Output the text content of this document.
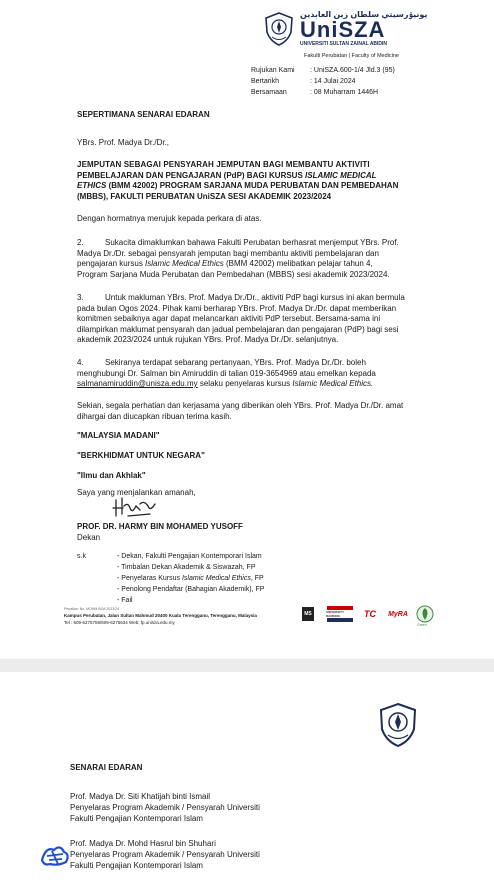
يونيۏرسيتي سلطان زين العابدين
UniSZA
UNIVERSITI SULTAN ZAINAL ABIDIN
Fakulti Perubatan | Faculty of Medicine
Rujukan Kami : UniSZA.600-1/4 Jld.3 (95)
Bertarikh	: 14 Julai 2024
Bersamaan	: 08 Muharram 1446H
SEPERTIMANA SENARAI EDARAN
YBrs. Prof. Madya Dr./Dr.,
JEMPUTAN SEBAGAI PENSYARAH JEMPUTAN BAGI MEMBANTU AKTIVITI
PEMBELAJARAN DAN PENGAJARAN (PdP) BAGI KURSUS ISLAMIC MEDICAL
ETHICS (BMM 42002) PROGRAM SARJANA MUDA PERUBATAN DAN PEMBEDAHAN
(MBBS), FAKULTI PERUBATAN UniSZA SESI AKADEMIK 2023/2024
Dengan hormatnya merujuk kepada perkara di atas.
2.	Sukacita dimaklumkan bahawa Fakulti Perubatan berhasrat menjemput YBrs. Prof.
Madya Dr./Dr. sebagai pensyarah jemputan bagi membantu aktiviti pembelajaran dan
pengajaran kursus Islamic Medical Ethics (BMM 42002) melibatkan pelajar tahun 4,
Program Sarjana Muda Perubatan dan Pembedahan (MBBS) sesi akademik 2023/2024.
3.	Untuk makluman YBrs. Prof. Madya Dr./Dr., aktiviti PdP bagi kursus ini akan bermula
pada bulan Ogos 2024. Pihak kami berharap YBrs. Prof. Madya Dr./Dr. dapat memberikan
komitmen sebaiknya agar dapat melancarkan aktiviti PdP tersebut. Bersama-sama ini
dilampirkan maklumat pensyarah dan jadual pembelajaran dan pengajaran (PdP) bagi sesi
akademik 2023/2024 untuk rujukan YBrs. Prof. Madya Dr./Dr. selanjutnya.
4.	Sekiranya terdapat sebarang pertanyaan, YBrs. Prof. Madya Dr./Dr. boleh
menghubungi Dr. Salman bin Amiruddin di talian 019-3654969 atau emelkan kepada
salmanamiruddin@unisza.edu.my selaku penyelaras kursus Islamic Medical Ethics.
Sekian, segala perhatian dan kerjasama yang diberikan oleh YBrs. Prof. Madya Dr./Dr. amat
dihargai dan diucapkan ribuan terima kasih.
"MALAYSIA MADANI"
"BERKHIDMAT UNTUK NEGARA"
"Ilmu dan Akhlak"
Saya yang menjalankan amanah,
PROF. DR. HARMY BIN MOHAMED YUSOFF
Dekan
s.k	- Dekan, Fakulti Pengajian Kontemporari Islam
- Timbalan Dekan Akademik & Siswazah, FP
- Penyelaras Kursus Islamic Medical Ethics, FP
- Penolong Pendaftar (Bahagian Akademik), FP
- Fail
Penafian: No. MOHM BOA 2023/24
Kampus Perubatan, Jalan Sultan Mahmud 20400 Kuala Terengganu, Terengganu, Malaysia
Tel : 609-6275759/609-6275634 Web: fp.unisza.edu.my
MS	UNIVERSITY RANKING	TC MyRA
Green
SENARAI EDARAN
Prof. Madya Dr. Siti Khatijah binti Ismail
Penyelaras Program Akademik / Pensyarah Universiti
Fakulti Pengajian Kontemporari Islam
Prof. Madya Dr. Mohd Hasrul bin Shuhari
Penyelaras Program Akademik / Pensyarah Universiti
Fakulti Pengajian Kontemporari Islam
